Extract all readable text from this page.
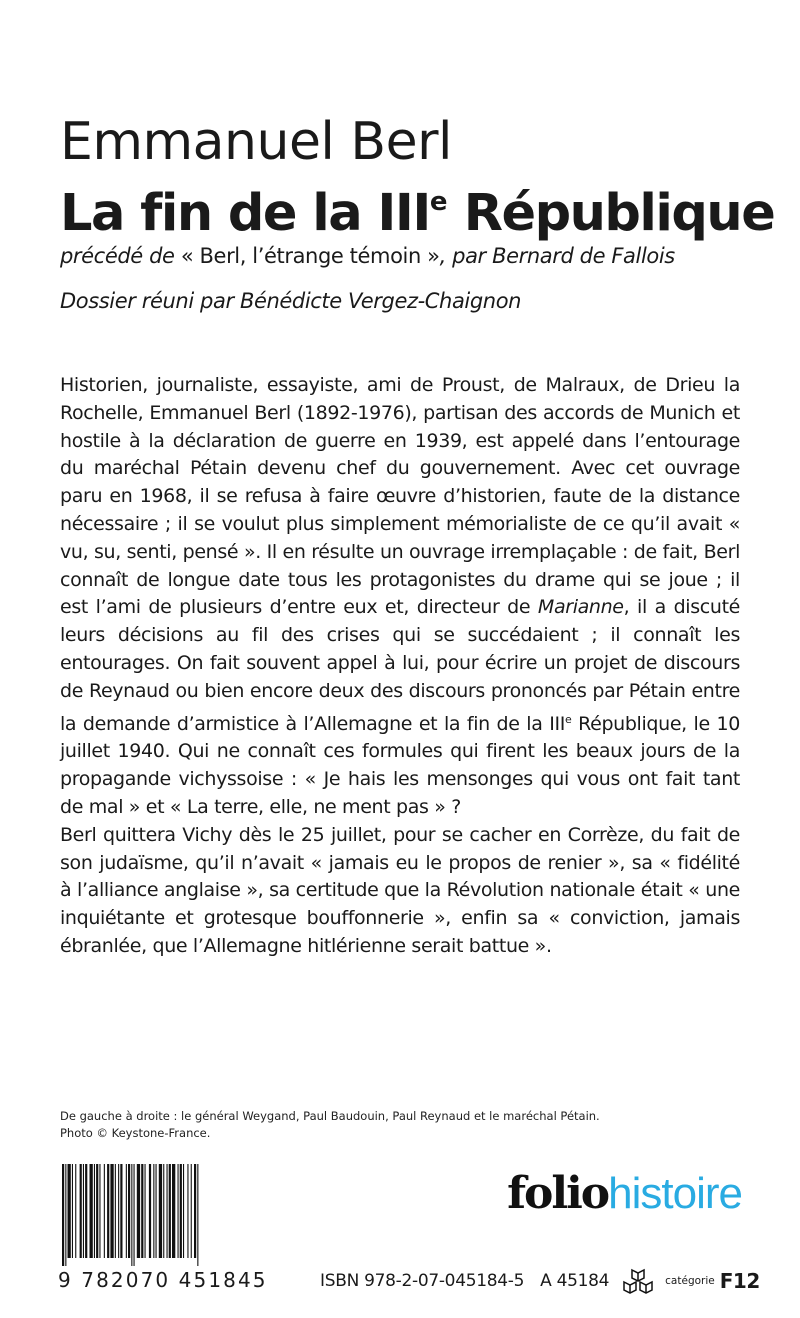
Emmanuel Berl
La fin de la IIIe République
précédé de « Berl, l’étrange témoin », par Bernard de Fallois
Dossier réuni par Bénédicte Vergez-Chaignon

Historien, journaliste, essayiste, ami de Proust, de Malraux, de Drieu la Rochelle, Emmanuel Berl (1892-1976), partisan des accords de Munich et hostile à la déclaration de guerre en 1939, est appelé dans l’entourage du maréchal Pétain devenu chef du gouvernement. Avec cet ouvrage paru en 1968, il se refusa à faire œuvre d’historien, faute de la distance nécessaire ; il se voulut plus simplement mémorialiste de ce qu’il avait « vu, su, senti, pensé ». Il en résulte un ouvrage irremplaçable : de fait, Berl connaît de longue date tous les protagonistes du drame qui se joue ; il est l’ami de plusieurs d’entre eux et, directeur de Marianne, il a discuté leurs décisions au fil des crises qui se succédaient ; il connaît les entourages. On fait souvent appel à lui, pour écrire un projet de discours de Reynaud ou bien encore deux des discours prononcés par Pétain entre la demande d’armistice à l’Allemagne et la fin de la IIIe République, le 10 juillet 1940. Qui ne connaît ces formules qui firent les beaux jours de la propagande vichyssoise : « Je hais les mensonges qui vous ont fait tant de mal » et « La terre, elle, ne ment pas » ?

Berl quittera Vichy dès le 25 juillet, pour se cacher en Corrèze, du fait de son judaïsme, qu’il n’avait « jamais eu le propos de renier », sa « fidélité à l’alliance anglaise », sa certitude que la Révolution nationale était « une inquiétante et grotesque bouffonnerie », enfin sa « conviction, jamais ébranlée, que l’Allemagne hitlérienne serait battue ».

De gauche à droite : le général Weygand, Paul Baudouin, Paul Reynaud et le maréchal Pétain.
Photo © Keystone-France.
9 782070 451845
foliohistoire
ISBN 978-2-07-045184-5 A 45184	catégorie F12
